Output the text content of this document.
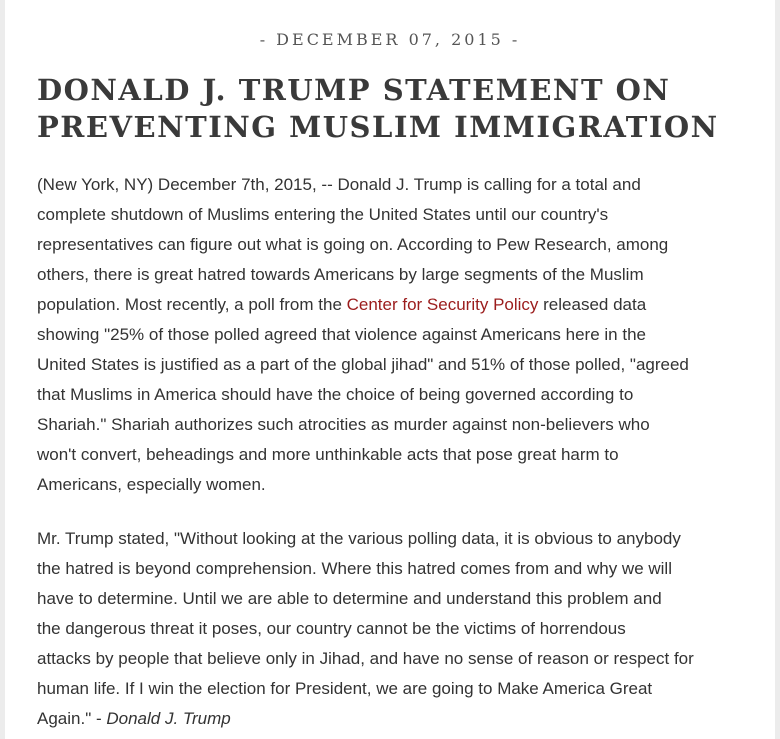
- DECEMBER 07, 2015 -
DONALD J. TRUMP STATEMENT ON
PREVENTING MUSLIM IMMIGRATION

(New York, NY) December 7th, 2015, -- Donald J. Trump is calling for a total and
complete shutdown of Muslims entering the United States until our country's
representatives can figure out what is going on. According to Pew Research, among
others, there is great hatred towards Americans by large segments of the Muslim
population. Most recently, a poll from the Center for Security Policy released data
showing "25% of those polled agreed that violence against Americans here in the
United States is justified as a part of the global jihad" and 51% of those polled, "agreed
that Muslims in America should have the choice of being governed according to
Shariah." Shariah authorizes such atrocities as murder against non-believers who
won't convert, beheadings and more unthinkable acts that pose great harm to
Americans, especially women.

Mr. Trump stated, "Without looking at the various polling data, it is obvious to anybody
the hatred is beyond comprehension. Where this hatred comes from and why we will
have to determine. Until we are able to determine and understand this problem and
the dangerous threat it poses, our country cannot be the victims of horrendous
attacks by people that believe only in Jihad, and have no sense of reason or respect for
human life. If I win the election for President, we are going to Make America Great
Again." - Donald J. Trump
